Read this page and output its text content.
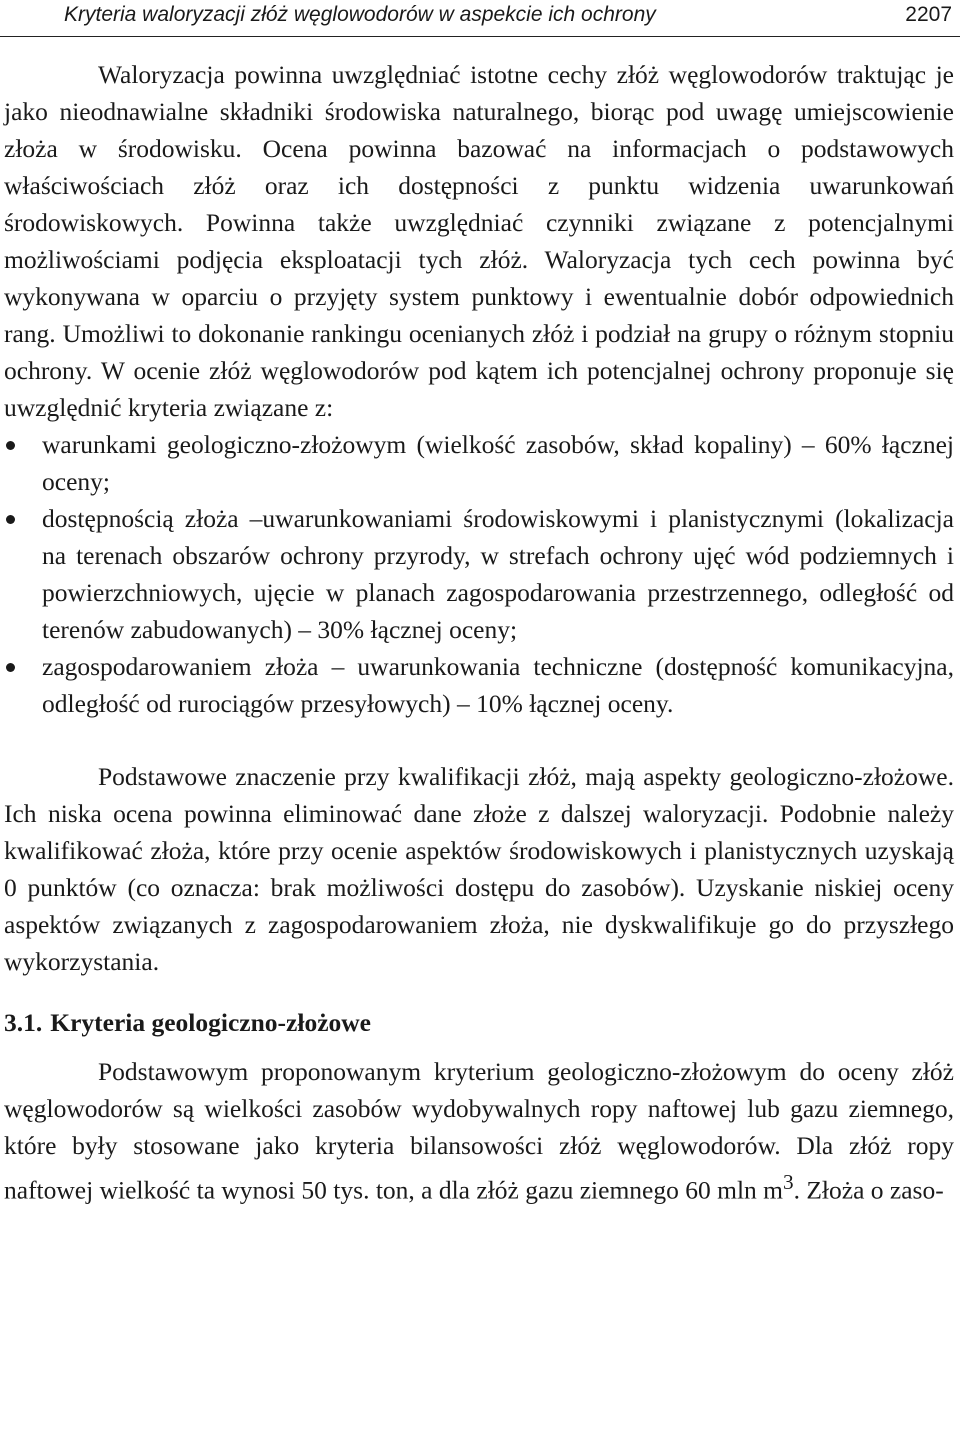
Kryteria waloryzacji złóż węglowodorów w aspekcie ich ochrony	2207

Waloryzacja powinna uwzględniać istotne cechy złóż węglowodorów traktując je jako nieodnawialne składniki środowiska naturalnego, biorąc pod uwagę umiejscowienie złoża w środowisku. Ocena powinna bazować na informacjach o podstawowych właściwościach złóż oraz ich dostępności z punktu widzenia uwarunkowań środowiskowych. Powinna także uwzględniać czynniki związane z potencjalnymi możliwościami podjęcia eksploatacji tych złóż. Waloryzacja tych cech powinna być wykonywana w oparciu o przyjęty system punktowy i ewentualnie dobór odpowiednich rang. Umożliwi to dokonanie rankingu ocenianych złóż i podział na grupy o różnym stopniu ochrony. W ocenie złóż węglowodorów pod kątem ich potencjalnej ochrony proponuje się uwzględnić kryteria związane z:

warunkami geologiczno-złożowym (wielkość zasobów, skład kopaliny) – 60% łącznej oceny;
dostępnością złoża –uwarunkowaniami środowiskowymi i planistycznymi (lokalizacja na terenach obszarów ochrony przyrody, w strefach ochrony ujęć wód podziemnych i powierzchniowych, ujęcie w planach zagospodarowania przestrzennego, odległość od terenów zabudowanych) – 30% łącznej oceny;
zagospodarowaniem złoża – uwarunkowania techniczne (dostępność komunikacyjna, odległość od rurociągów przesyłowych) – 10% łącznej oceny.

Podstawowe znaczenie przy kwalifikacji złóż, mają aspekty geologiczno-złożowe. Ich niska ocena powinna eliminować dane złoże z dalszej waloryzacji. Podobnie należy kwalifikować złoża, które przy ocenie aspektów środowiskowych i planistycznych uzyskają 0 punktów (co oznacza: brak możliwości dostępu do zasobów). Uzyskanie niskiej oceny aspektów związanych z zagospodarowaniem złoża, nie dyskwalifikuje go do przyszłego wykorzystania.

3.1. Kryteria geologiczno-złożowe

Podstawowym proponowanym kryterium geologiczno-złożowym do oceny złóż węglowodorów są wielkości zasobów wydobywalnych ropy naftowej lub gazu ziemnego, które były stosowane jako kryteria bilansowości złóż węglowodorów. Dla złóż ropy naftowej wielkość ta wynosi 50 tys. ton, a dla złóż gazu ziemnego 60 mln $m^3$. Złoża o zaso-
